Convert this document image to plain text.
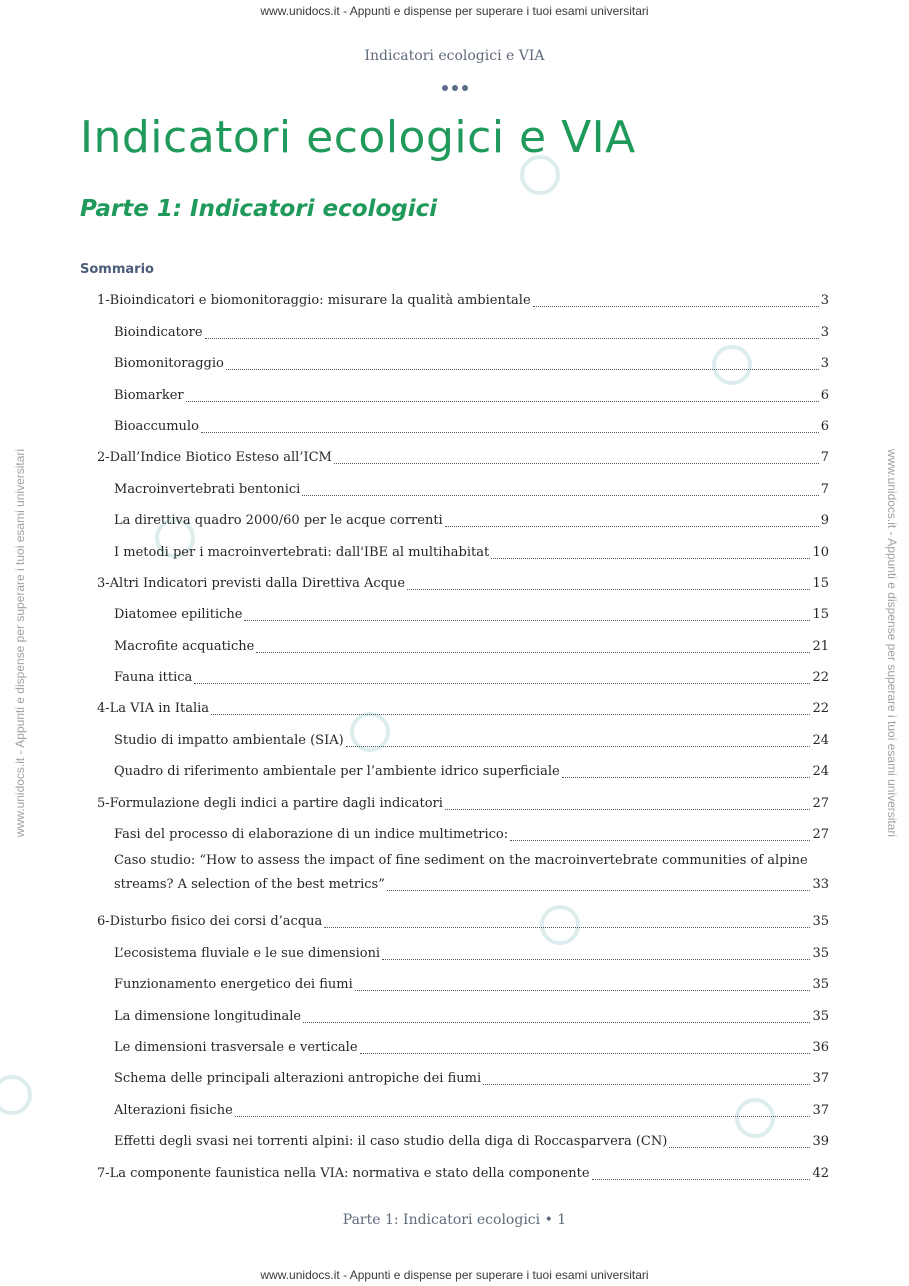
www.unidocs.it - Appunti e dispense per superare i tuoi esami universitari
www.unidocs.it - Appunti e dispense per superare i tuoi esami universitari
www.unidocs.it - Appunti e dispense per superare i tuoi esami universitari	www.unidocs.it - Appunti e dispense per superare i tuoi esami universitari
Indicatori ecologici e VIA
Indicatori ecologici e VIA
Parte 1: Indicatori ecologici
Sommario
1-Bioindicatori e biomonitoraggio: misurare la qualità ambientale	3
Bioindicatore	3
Biomonitoraggio	3
Biomarker	6
Bioaccumulo	6
2-Dall’Indice Biotico Esteso all’ICM	7
Macroinvertebrati bentonici	7
La direttiva quadro 2000/60 per le acque correnti	9
I metodi per i macroinvertebrati: dall'IBE al multihabitat	10
3-Altri Indicatori previsti dalla Direttiva Acque	15
Diatomee epilitiche	15
Macrofite acquatiche	21
Fauna ittica	22
4-La VIA in Italia	22
Studio di impatto ambientale (SIA)	24
Quadro di riferimento ambientale per l’ambiente idrico superficiale	24
5-Formulazione degli indici a partire dagli indicatori	27
Fasi del processo di elaborazione di un indice multimetrico:	27
Caso studio: “How to assess the impact of fine sediment on the macroinvertebrate communities of alpine
streams? A selection of the best metrics”	33
6-Disturbo fisico dei corsi d’acqua	35
L’ecosistema fluviale e le sue dimensioni	35
Funzionamento energetico dei fiumi	35
La dimensione longitudinale	35
Le dimensioni trasversale e verticale	36
Schema delle principali alterazioni antropiche dei fiumi	37
Alterazioni fisiche	37
Effetti degli svasi nei torrenti alpini: il caso studio della diga di Roccasparvera (CN)	39
7-La componente faunistica nella VIA: normativa e stato della componente	42
Parte 1: Indicatori ecologici • 1
